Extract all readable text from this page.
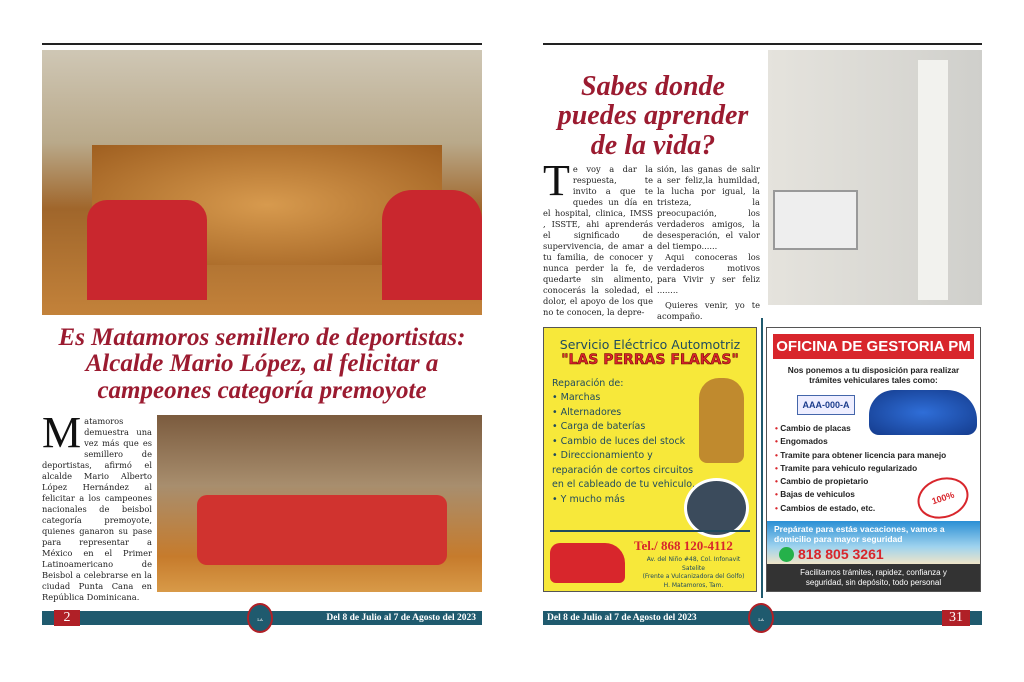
Es Matamoros semillero de deportistas: Alcalde Mario López, al felicitar a campeones categoría premoyote
Matamoros demuestra una vez más que es semillero de deportistas, afirmó el alcalde Mario Alberto López Hernández al felicitar a los campeones nacionales de beisbol categoría premoyote, quienes ganaron su pase para representar a México en el Primer Latinoamericano de Beisbol a celebrarse en la ciudad Punta Cana en República Dominicana.
2	Del 8 de Julio al 7 de Agosto del 2023
LA OPINION
Sabes donde puedes aprender de la vida?
Te voy a dar la respuesta, te invito a que te quedes un día en el hospital, clinica, IMSS , ISSTE, ahi aprenderás el significado de supervivencia, de amar a tu familia, de conocer y nunca perder la fe, de quedarte sin alimento, conocerás la soledad, el dolor, el apoyo de los que no te conocen, la depre-

sión, las ganas de salir a ser feliz,la humildad, la lucha por igual, la tristeza, la preocupación, los verdaderos amigos, la desesperación, el valor del tiempo......

Aqui conoceras los verdaderos motivos para Vivir y ser feliz ........

Quieres venir, yo te acompaño.

Servicio Eléctrico Automotriz
"LAS PERRAS FLAKAS"
Reparación de:
• Marchas
• Alternadores
• Carga de baterías
• Cambio de luces del stock
• Direccionamiento y reparación de cortos circuitos en el cableado de tu vehiculo.
• Y mucho más
Tel./ 868 120-4112
Av. del Niño #48, Col. Infonavit Satelite
(Frente a Vulcanizadora del Golfo)
H. Matamoros, Tam.
OFICINA DE GESTORIA PM
Nos ponemos a tu disposición para realizar trámites vehiculares tales como:
AAA-000-A
• Cambio de placas
• Engomados
• Tramite para obtener licencia para manejo
• Tramite para vehiculo regularizado
• Cambio de propietario
• Bajas de vehiculos
• Cambios de estado, etc.
100%
Prepárate para estás vacaciones, vamos a domicilio para mayor seguridad
818 805 3261
Facilitamos trámites, rapidez, confianza y seguridad, sin depósito, todo personal
Del 8 de Julio al 7 de Agosto del 2023	31
LA OPINION
